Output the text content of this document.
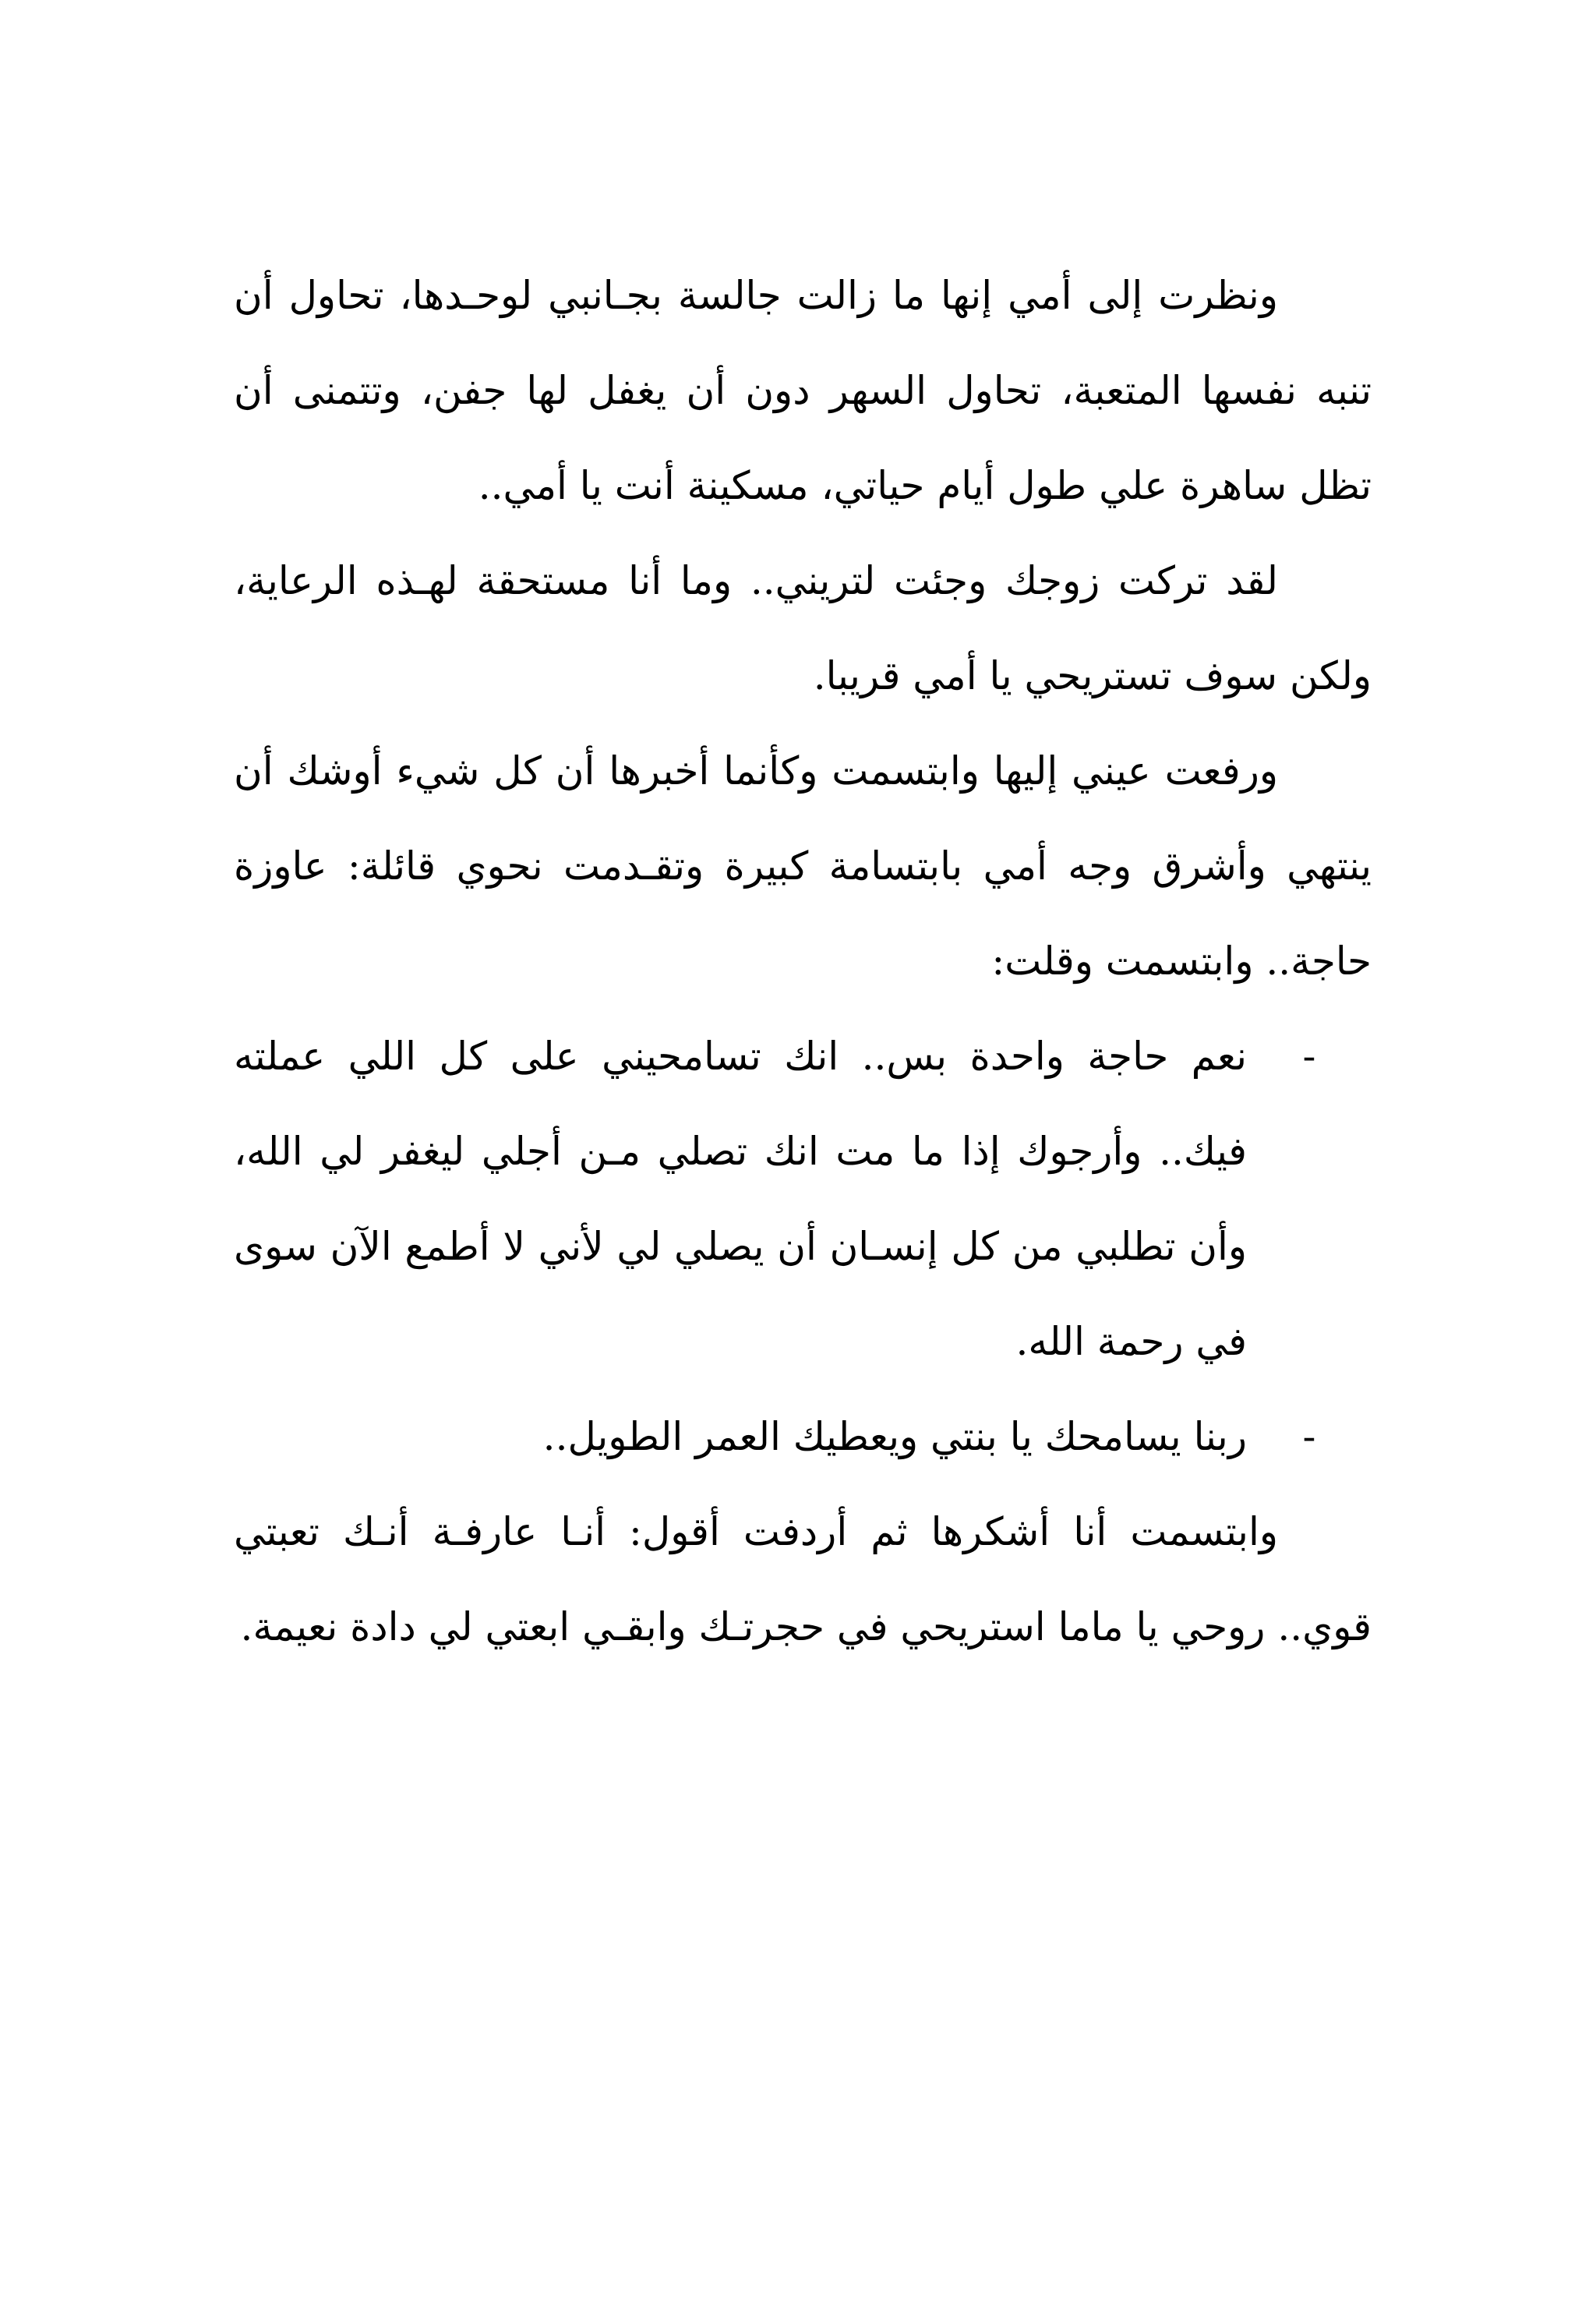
ونظرت إلى أمي إنها ما زالت جالسة بجـانبي لوحـدها، تحاول أن تنبه نفسها المتعبة، تحاول السهر دون أن يغفل لها جفن، وتتمنى أن تظل ساهرة علي طول أيام حياتي، مسكينة أنت يا أمي..

لقد تركت زوجك وجئت لتريني.. وما أنا مستحقة لهـذه الرعاية، ولكن سوف تستريحي يا أمي قريبا.

ورفعت عيني إليها وابتسمت وكأنما أخبرها أن كل شيء أوشك أن ينتهي وأشرق وجه أمي بابتسامة كبيرة وتقـدمت نحوي قائلة: عاوزة حاجة.. وابتسمت وقلت:

-
نعم حاجة واحدة بس.. انك تسامحيني على كل اللي عملته فيك.. وأرجوك إذا ما مت انك تصلي مـن أجلي ليغفر لي الله، وأن تطلبي من كل إنسـان أن يصلي لي لأني لا أطمع الآن سوى في رحمة الله.
-
ربنا يسامحك يا بنتي ويعطيك العمر الطويل..

وابتسمت أنا أشكرها ثم أردفت أقول: أنـا عارفـة أنـك تعبتي قوي.. روحي يا ماما استريحي في حجرتـك وابقـي ابعتي لي دادة نعيمة.
